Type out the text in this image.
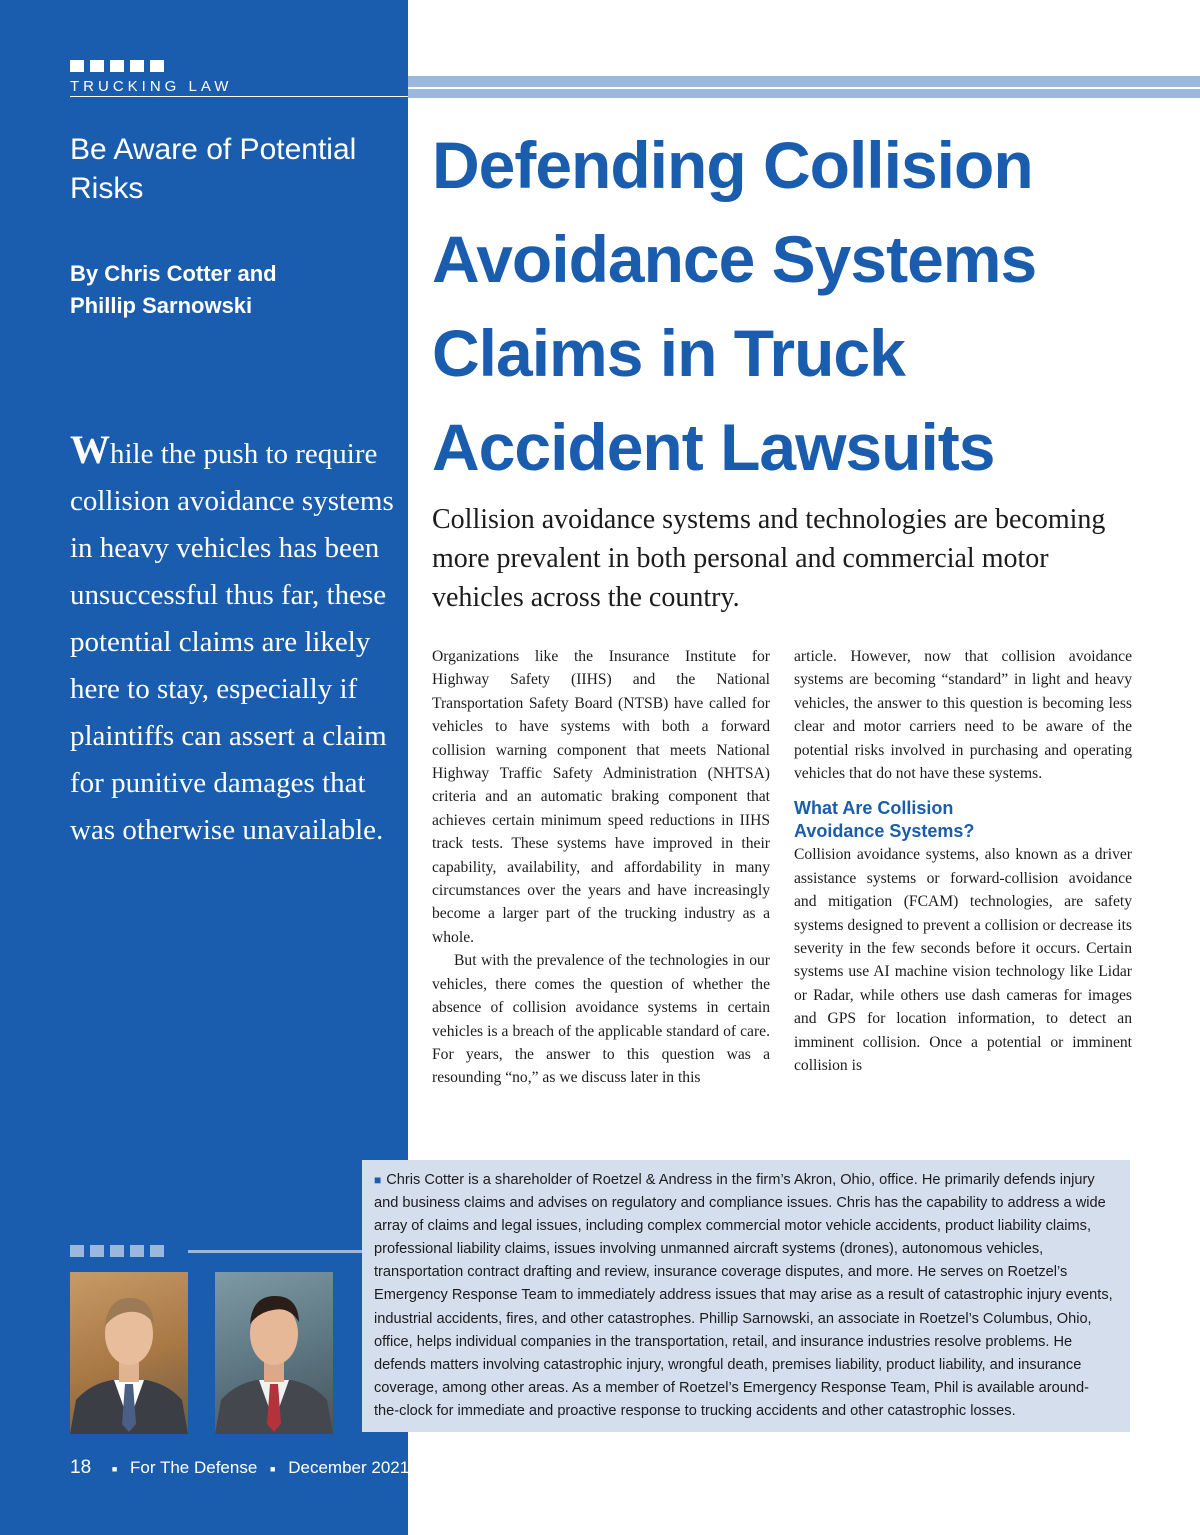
TRUCKING LAW
Be Aware of Potential Risks
By Chris Cotter and
Phillip Sarnowski
While the push to require collision avoidance systems in heavy vehicles has been unsuccessful thus far, these potential claims are likely here to stay, especially if plaintiffs can assert a claim for punitive damages that was otherwise unavailable.
18 ■ For The Defense ■ December 2021
Defending Collision Avoidance Systems Claims in Truck Accident Lawsuits
Collision avoidance systems and technologies are becoming more prevalent in both personal and commercial motor vehicles across the country.

Organizations like the Insurance Institute for Highway Safety (IIHS) and the National Transportation Safety Board (NTSB) have called for vehicles to have systems with both a forward collision warning component that meets National Highway Traffic Safety Administration (NHTSA) criteria and an automatic braking component that achieves certain minimum speed reductions in IIHS track tests. These systems have improved in their capability, availability, and affordability in many circumstances over the years and have increasingly become a larger part of the trucking industry as a whole.

But with the prevalence of the technologies in our vehicles, there comes the question of whether the absence of collision avoidance systems in certain vehicles is a breach of the applicable standard of care. For years, the answer to this question was a resounding “no,” as we discuss later in this

article. However, now that collision avoidance systems are becoming “standard” in light and heavy vehicles, the answer to this question is becoming less clear and motor carriers need to be aware of the potential risks involved in purchasing and operating vehicles that do not have these systems.

What Are Collision
Avoidance Systems?

Collision avoidance systems, also known as a driver assistance systems or forward-collision avoidance and mitigation (FCAM) technologies, are safety systems designed to prevent a collision or decrease its severity in the few seconds before it occurs. Certain systems use AI machine vision technology like Lidar or Radar, while others use dash cameras for images and GPS for location information, to detect an imminent collision. Once a potential or imminent collision is

■ Chris Cotter is a shareholder of Roetzel & Andress in the firm’s Akron, Ohio, office. He primarily defends injury and business claims and advises on regulatory and compliance issues. Chris has the capability to address a wide array of claims and legal issues, including complex commercial motor vehicle accidents, product liability claims, professional liability claims, issues involving unmanned aircraft systems (drones), autonomous vehicles, transportation contract drafting and review, insurance coverage disputes, and more. He serves on Roetzel’s Emergency Response Team to immediately address issues that may arise as a result of catastrophic injury events, industrial accidents, fires, and other catastrophes. Phillip Sarnowski, an associate in Roetzel’s Columbus, Ohio, office, helps individual companies in the transportation, retail, and insurance industries resolve problems. He defends matters involving catastrophic injury, wrongful death, premises liability, product liability, and insurance coverage, among other areas. As a member of Roetzel’s Emergency Response Team, Phil is available around-the-clock for immediate and proactive response to trucking accidents and other catastrophic losses.
